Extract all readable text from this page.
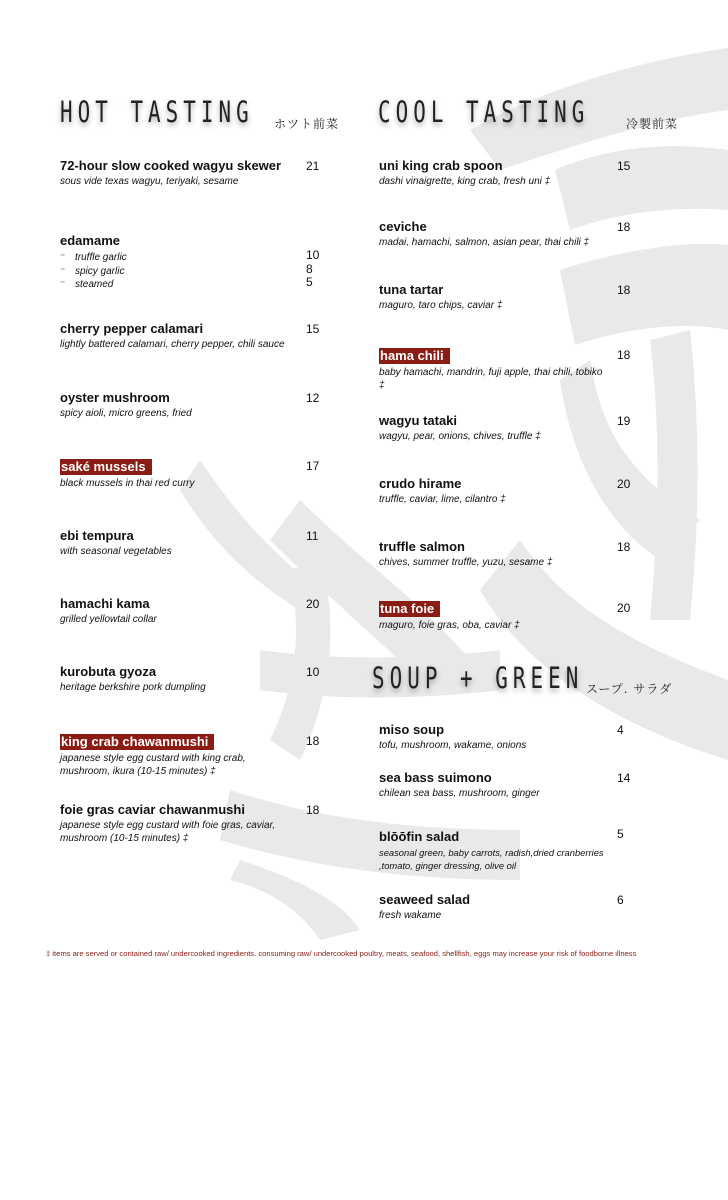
HOT TASTING ホツト前菜
72-hour slow cooked wagyu skewer
sous vide texas wagyu, teriyaki, sesame
21
edamame
⁻ truffle garlic
⁻ spicy garlic
⁻ steamed
10
8
5
cherry pepper calamari
lightly battered calamari, cherry pepper, chili sauce
15
oyster mushroom
spicy aioli, micro greens, fried
12
saké mussels
black mussels in thai red curry
17
ebi tempura
with seasonal vegetables
11
hamachi kama
grilled yellowtail collar
20
kurobuta gyoza
heritage berkshire pork dumpling
10
king crab chawanmushi
japanese style egg custard with king crab, mushroom, ikura (10-15 minutes) ‡
18
foie gras caviar chawanmushi
japanese style egg custard with foie gras, caviar, mushroom (10-15 minutes) ‡
18
COOL TASTING	冷製前菜
uni king crab spoon
dashi vinaigrette, king crab, fresh uni ‡
15
ceviche
madai, hamachi, salmon, asian pear, thai chili ‡
18
tuna tartar
maguro, taro chips, caviar ‡
18
hama chili
baby hamachi, mandrin, fuji apple, thai chili, tobiko ‡
18
wagyu tataki
wagyu, pear, onions, chives, truffle ‡
19
crudo hirame
truffle, caviar, lime, cilantro ‡
20
truffle salmon
chives, summer truffle, yuzu, sesame ‡
18
tuna foie
maguro, foie gras, oba, caviar ‡
20
SOUP + GREEN スープ. サラダ
miso soup
tofu, mushroom, wakame, onions
4
sea bass suimono
chilean sea bass, mushroom, ginger
14
blōōfin salad
seasonal green, baby carrots, radish,dried cranberries ,tomato, ginger dressing, olive oil
5
seaweed salad
fresh wakame
6
‡ items are served or contained raw/ undercooked ingredients. consuming raw/ undercooked poultry, meats, seafood, shellfish, eggs may increase your risk of foodborne illness
